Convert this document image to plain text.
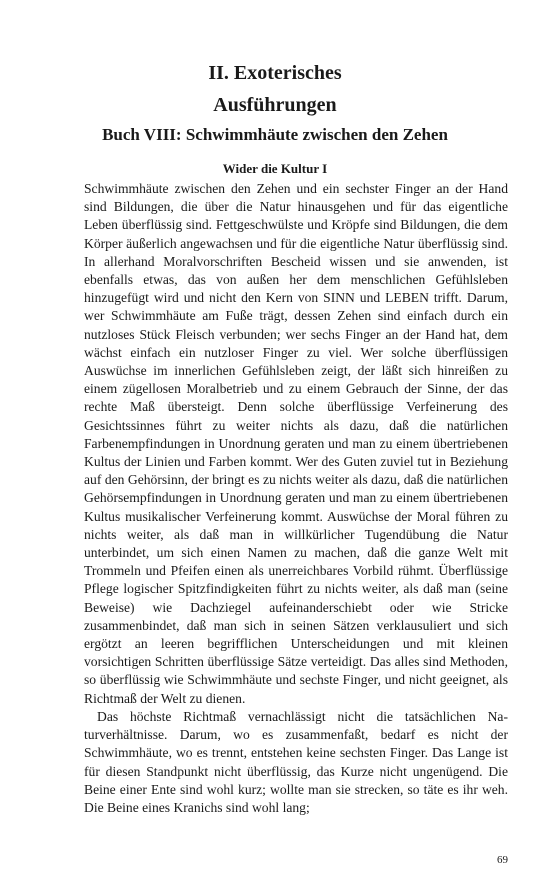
II. Exoterisches
Ausführungen
Buch VIII: Schwimmhäute zwischen den Zehen
Wider die Kultur I

Schwimmhäute zwischen den Zehen und ein sechster Finger an der Hand sind Bildungen, die über die Natur hinausgehen und für das eigentliche Leben überflüssig sind. Fettgeschwülste und Kröpfe sind Bildungen, die dem Körper äußerlich angewachsen und für die eigentliche Natur überflüssig sind. In allerhand Moralvorschriften Bescheid wissen und sie anwenden, ist ebenfalls etwas, das von außen her dem menschlichen Gefühlsleben hinzugefügt wird und nicht den Kern von SINN und LEBEN trifft. Darum, wer Schwimmhäute am Fuße trägt, dessen Zehen sind einfach durch ein nutzloses Stück Fleisch verbunden; wer sechs Finger an der Hand hat, dem wächst einfach ein nutzloser Finger zu viel. Wer solche überflüssigen Auswüchse im innerlichen Gefühlsleben zeigt, der läßt sich hinreißen zu einem zügellosen Moralbetrieb und zu einem Gebrauch der Sinne, der das rechte Maß übersteigt. Denn solche überflüssige Verfeinerung des Gesichtssinnes führt zu weiter nichts als dazu, daß die natürlichen Farbenempfindungen in Unordnung geraten und man zu einem übertriebenen Kultus der Linien und Farben kommt. Wer des Guten zuviel tut in Beziehung auf den Gehörsinn, der bringt es zu nichts weiter als dazu, daß die natürlichen Gehörsempfindungen in Unordnung geraten und man zu einem übertriebenen Kultus musikalischer Verfeinerung kommt. Auswüchse der Moral führen zu nichts weiter, als daß man in willkürlicher Tugendübung die Natur unterbindet, um sich einen Namen zu machen, daß die ganze Welt mit Trommeln und Pfeifen einen als unerreichbares Vorbild rühmt. Überflüssige Pflege logischer Spitzfindigkeiten führt zu nichts weiter, als daß man (seine Beweise) wie Dachziegel aufeinanderschiebt oder wie Stricke zusammenbindet, daß man sich in seinen Sätzen verklausuliert und sich ergötzt an leeren begrifflichen Unterscheidungen und mit kleinen vorsichtigen Schritten überflüssige Sätze verteidigt. Das alles sind Methoden, so überflüssig wie Schwimmhäute und sechste Finger, und nicht geeignet, als Richtmaß der Welt zu dienen.

Das höchste Richtmaß vernachlässigt nicht die tatsächlichen Naturverhältnisse. Darum, wo es zusammenfaßt, bedarf es nicht der Schwimmhäute, wo es trennt, entstehen keine sechsten Finger. Das Lange ist für diesen Standpunkt nicht überflüssig, das Kurze nicht ungenügend. Die Beine einer Ente sind wohl kurz; wollte man sie strecken, so täte es ihr weh. Die Beine eines Kranichs sind wohl lang;

69
